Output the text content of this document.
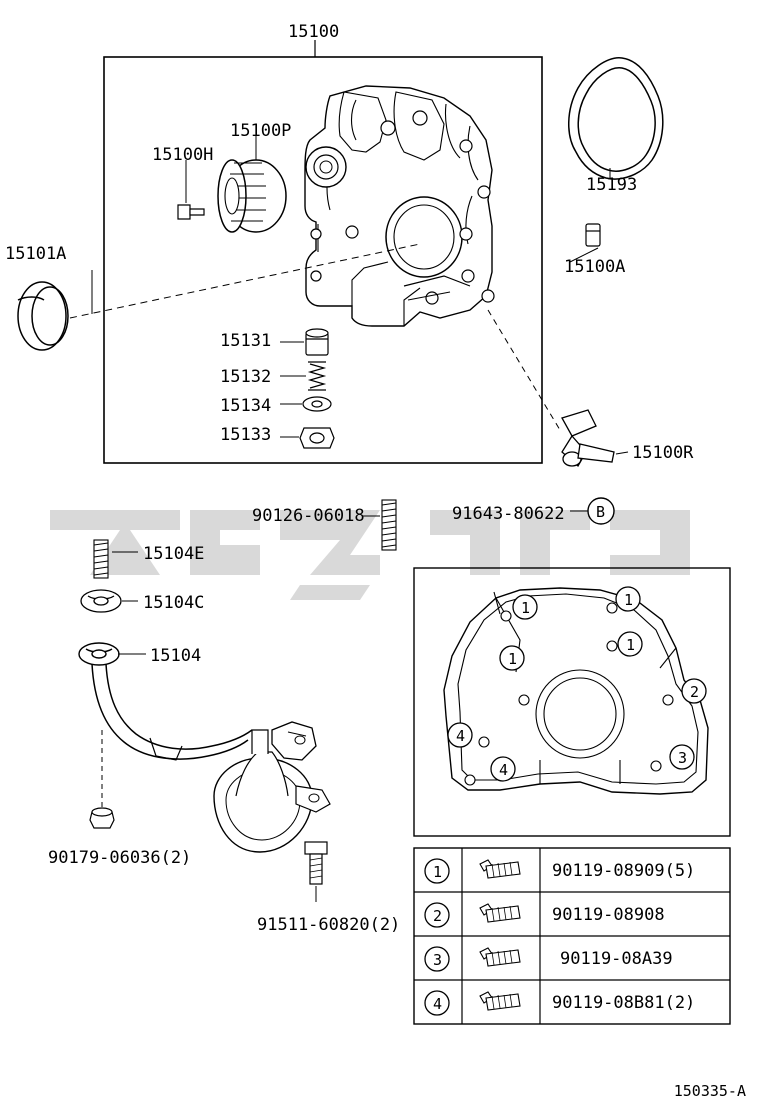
15100
15100P
15100H
15193
15100A
15101A
15131
15132
15134
15133
15100R
90126-06018	91643-80622
15104E
15104C
15104
90179-06036(2)
91511-60820(2)
1	1
1
1
2
4
3
4
B
1
2
3
4
90119-08909(5)
90119-08908
90119-08A39
90119-08B81(2)
150335-A
